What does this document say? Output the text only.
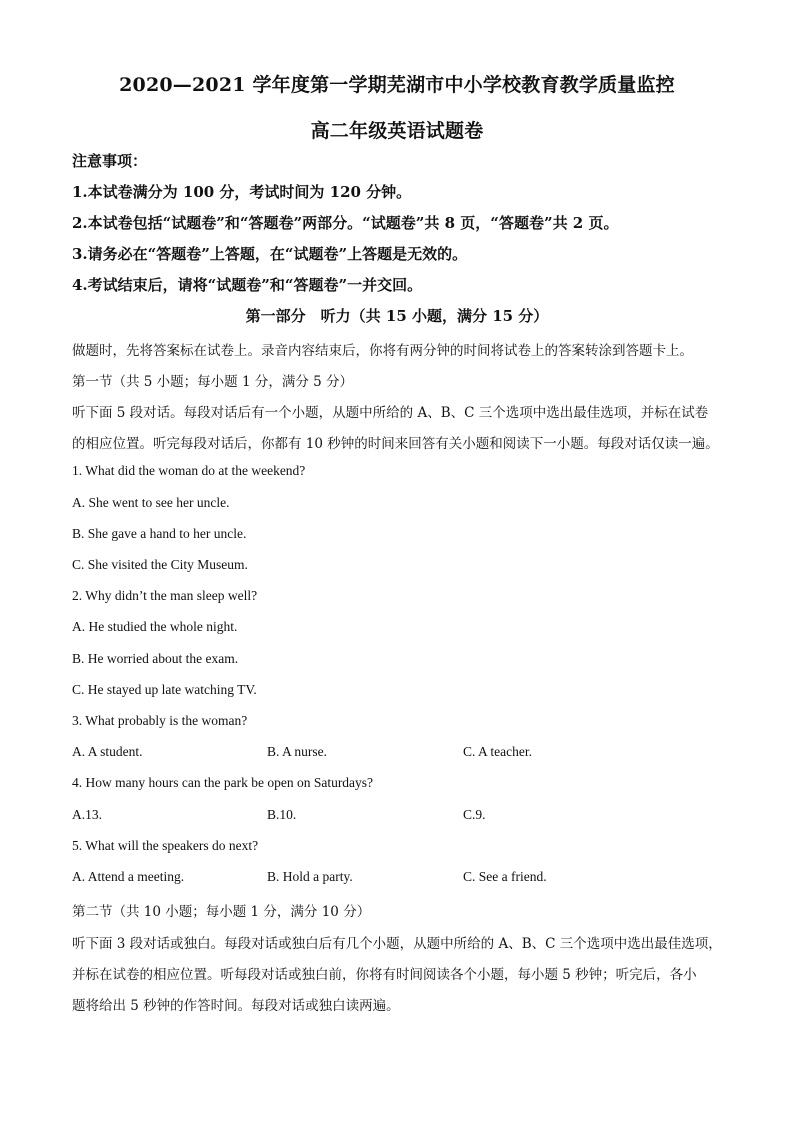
2020—2021 学年度第一学期芜湖市中小学校教育教学质量监控
高二年级英语试题卷
注意事项：
1.本试卷满分为 100 分，考试时间为 120 分钟。
2.本试卷包括“试题卷”和“答题卷”两部分。“试题卷”共 8 页，“答题卷”共 2 页。
3.请务必在“答题卷”上答题，在“试题卷”上答题是无效的。
4.考试结束后，请将“试题卷”和“答题卷”一并交回。
第一部分　听力（共 15 小题，满分 15 分）
做题时，先将答案标在试卷上。录音内容结束后，你将有两分钟的时间将试卷上的答案转涂到答题卡上。
第一节（共 5 小题；每小题 1 分，满分 5 分）
听下面 5 段对话。每段对话后有一个小题，从题中所给的 A、B、C 三个选项中选出最佳选项，并标在试卷
的相应位置。听完每段对话后，你都有 10 秒钟的时间来回答有关小题和阅读下一小题。每段对话仅读一遍。
1. What did the woman do at the weekend?
A. She went to see her uncle.
B. She gave a hand to her uncle.
C. She visited the City Museum.
2. Why didn’t the man sleep well?
A. He studied the whole night.
B. He worried about the exam.
C. He stayed up late watching TV.
3. What probably is the woman?
A. A student.	B. A nurse.	C. A teacher.
4. How many hours can the park be open on Saturdays?
A.13.	B.10.	C.9.
5. What will the speakers do next?
A. Attend a meeting.	B. Hold a party.	C. See a friend.
第二节（共 10 小题；每小题 1 分，满分 10 分）
听下面 3 段对话或独白。每段对话或独白后有几个小题，从题中所给的 A、B、C 三个选项中选出最佳选项，
并标在试卷的相应位置。听每段对话或独白前，你将有时间阅读各个小题，每小题 5 秒钟；听完后，各小
题将给出 5 秒钟的作答时间。每段对话或独白读两遍。
